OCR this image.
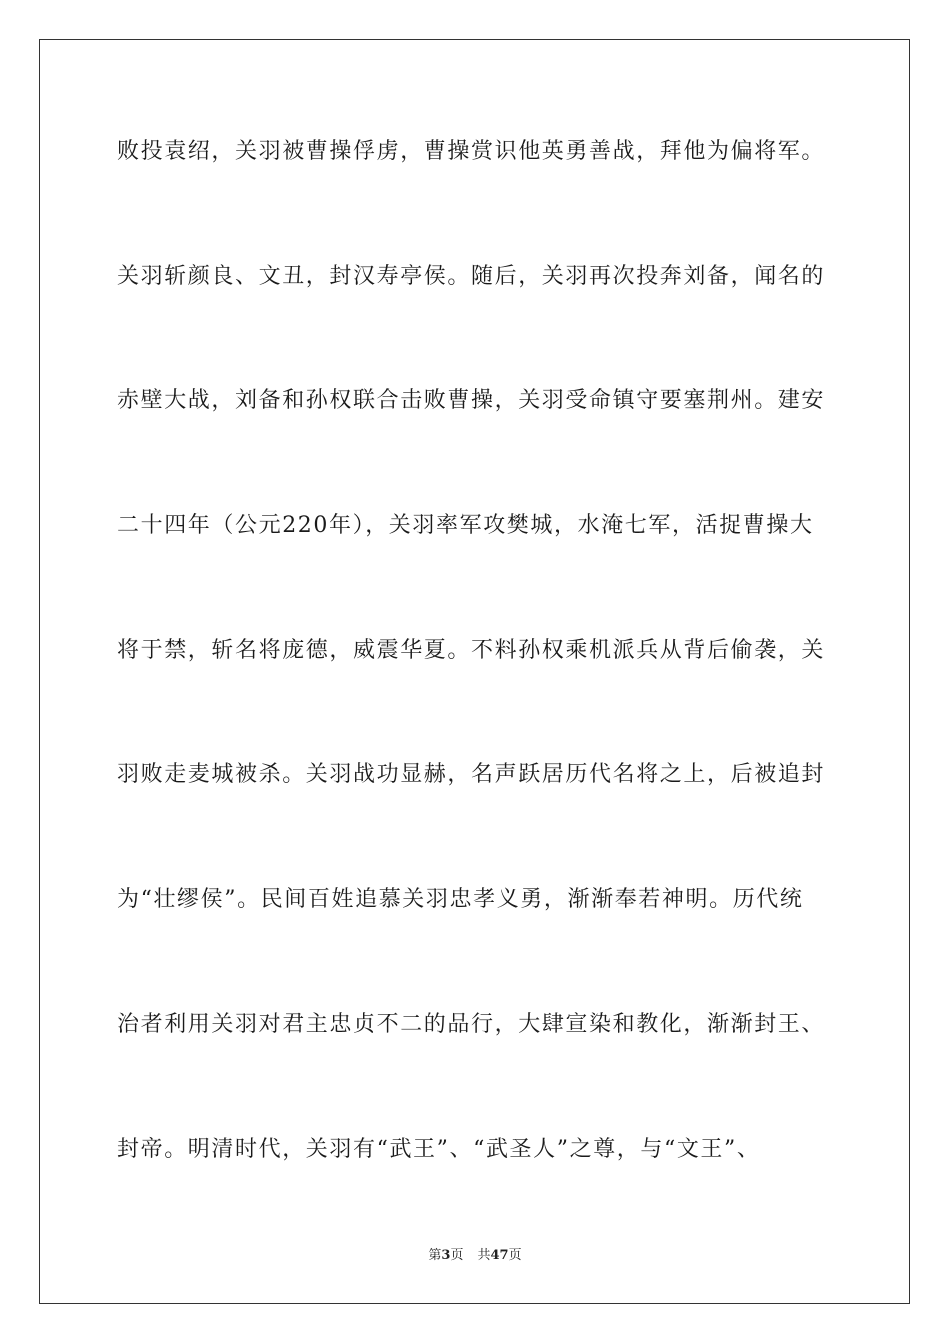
败投袁绍，关羽被曹操俘虏，曹操赏识他英勇善战，拜他为偏将军。
关羽斩颜良、文丑，封汉寿亭侯。随后，关羽再次投奔刘备，闻名的
赤壁大战，刘备和孙权联合击败曹操，关羽受命镇守要塞荆州。建安
二十四年（公元220年），关羽率军攻樊城，水淹七军，活捉曹操大
将于禁，斩名将庞德，威震华夏。不料孙权乘机派兵从背后偷袭，关
羽败走麦城被杀。关羽战功显赫，名声跃居历代名将之上，后被追封
为“壮缪侯”。民间百姓追慕关羽忠孝义勇，渐渐奉若神明。历代统
治者利用关羽对君主忠贞不二的品行，大肆宣染和教化，渐渐封王、
封帝。明清时代，关羽有“武王”、“武圣人”之尊，与“文王”、
第3页 共47页
